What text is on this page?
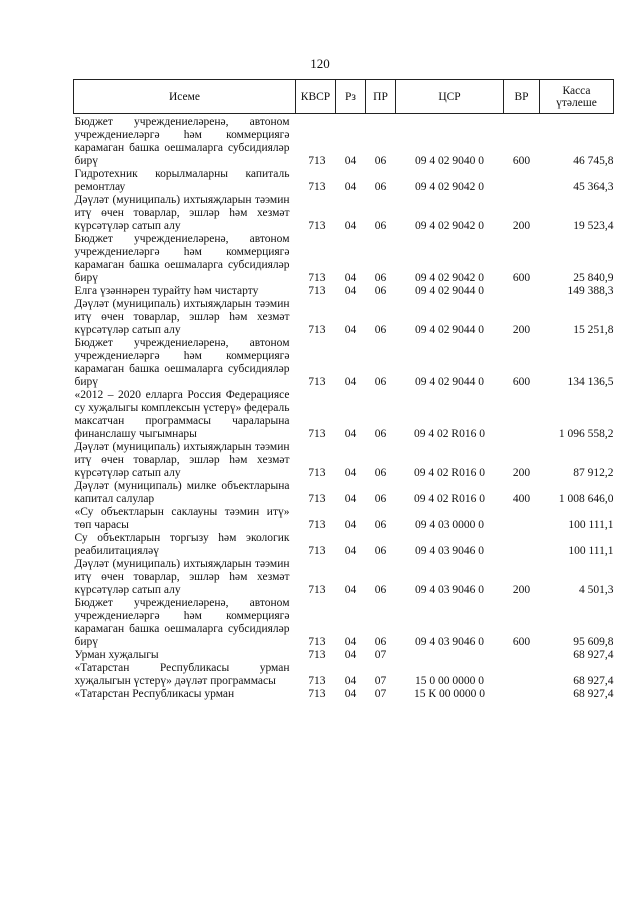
120
Исеме	КВСР	Рз	ПР	ЦСР	ВР	Касса үтәлеше
Бюджет учреждениеләренә, автоном учреждениеләргә һәм коммерциягә карамаган башка оешмаларга субсидияләр бирү	713	04	06	09 4 02 9040 0	600	46 745,8
Гидротехник корылмаларны капиталь ремонтлау	713	04	06	09 4 02 9042 0		45 364,3
Дәүләт (муниципаль) ихтыяҗларын тәэмин итү өчен товарлар, эшләр һәм хезмәт күрсәтүләр сатып алу	713	04	06	09 4 02 9042 0	200	19 523,4
Бюджет учреждениеләренә, автоном учреждениеләргә һәм коммерциягә карамаган башка оешмаларга субсидияләр бирү	713	04	06	09 4 02 9042 0	600	25 840,9
Елга үзәннәрен турайту һәм чистарту	713	04	06	09 4 02 9044 0		149 388,3
Дәүләт (муниципаль) ихтыяҗларын тәэмин итү өчен товарлар, эшләр һәм хезмәт күрсәтүләр сатып алу	713	04	06	09 4 02 9044 0	200	15 251,8
Бюджет учреждениеләренә, автоном учреждениеләргә һәм коммерциягә карамаган башка оешмаларга субсидияләр бирү	713	04	06	09 4 02 9044 0	600	134 136,5
«2012 – 2020 елларга Россия Федерациясе су хуҗалыгы комплексын үстерү» федераль максатчан программасы чараларына финанслашу чыгымнары	713	04	06	09 4 02 R016 0		1 096 558,2
Дәүләт (муниципаль) ихтыяҗларын тәэмин итү өчен товарлар, эшләр һәм хезмәт күрсәтүләр сатып алу	713	04	06	09 4 02 R016 0	200	87 912,2
Дәүләт (муниципаль) милке объектларына капитал салулар	713	04	06	09 4 02 R016 0	400	1 008 646,0
«Су объектларын саклауны тәэмин итү» төп чарасы	713	04	06	09 4 03 0000 0		100 111,1
Су объектларын торгызу һәм экологик реабилитацияләү	713	04	06	09 4 03 9046 0		100 111,1
Дәүләт (муниципаль) ихтыяҗларын тәэмин итү өчен товарлар, эшләр һәм хезмәт күрсәтүләр сатып алу	713	04	06	09 4 03 9046 0	200	4 501,3
Бюджет учреждениеләренә, автоном учреждениеләргә һәм коммерциягә карамаган башка оешмаларга субсидияләр бирү	713	04	06	09 4 03 9046 0	600	95 609,8
Урман хуҗалыгы	713	04	07			68 927,4
«Татарстан Республикасы урман хуҗалыгын үстерү» дәүләт программасы	713	04	07	15 0 00 0000 0		68 927,4
«Татарстан Республикасы урман	713	04	07	15 К 00 0000 0		68 927,4
